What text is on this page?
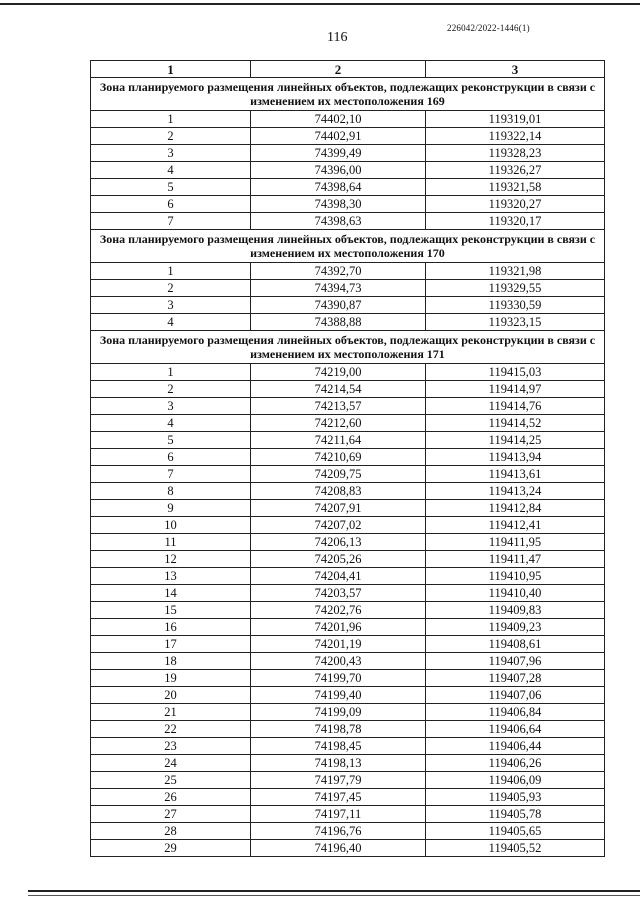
116
226042/2022-1446(1)
1	2	3
Зона планируемого размещения линейных объектов, подлежащих реконструкции в связи с изменением их местоположения 169		
1	74402,10	119319,01
2	74402,91	119322,14
3	74399,49	119328,23
4	74396,00	119326,27
5	74398,64	119321,58
6	74398,30	119320,27
7	74398,63	119320,17
Зона планируемого размещения линейных объектов, подлежащих реконструкции в связи с изменением их местоположения 170		
1	74392,70	119321,98
2	74394,73	119329,55
3	74390,87	119330,59
4	74388,88	119323,15
Зона планируемого размещения линейных объектов, подлежащих реконструкции в связи с изменением их местоположения 171		
1	74219,00	119415,03
2	74214,54	119414,97
3	74213,57	119414,76
4	74212,60	119414,52
5	74211,64	119414,25
6	74210,69	119413,94
7	74209,75	119413,61
8	74208,83	119413,24
9	74207,91	119412,84
10	74207,02	119412,41
11	74206,13	119411,95
12	74205,26	119411,47
13	74204,41	119410,95
14	74203,57	119410,40
15	74202,76	119409,83
16	74201,96	119409,23
17	74201,19	119408,61
18	74200,43	119407,96
19	74199,70	119407,28
20	74199,40	119407,06
21	74199,09	119406,84
22	74198,78	119406,64
23	74198,45	119406,44
24	74198,13	119406,26
25	74197,79	119406,09
26	74197,45	119405,93
27	74197,11	119405,78
28	74196,76	119405,65
29	74196,40	119405,52
